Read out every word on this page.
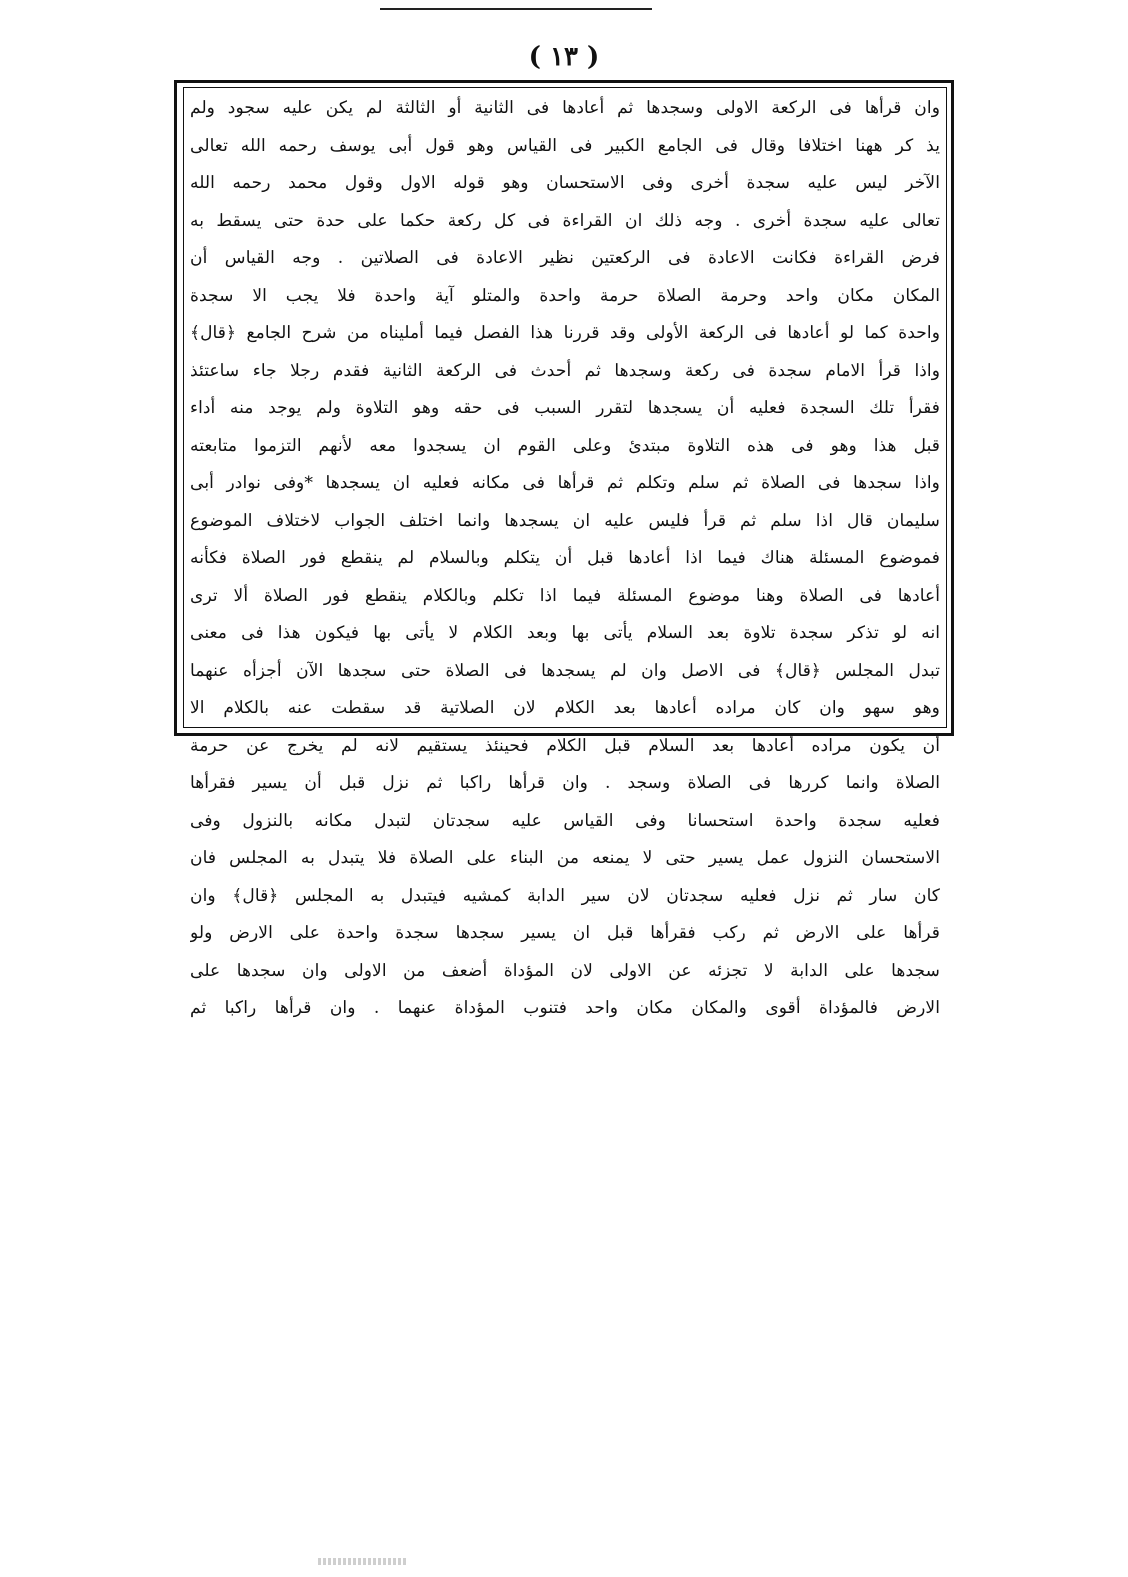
( ١٣ )
وان قرأها فى الركعة الاولى وسجدها ثم أعادها فى الثانية أو الثالثة لم يكن عليه سجود ولم
يذ كر ههنا اختلافا وقال فى الجامع الكبير فى القياس وهو قول أبى يوسف رحمه الله تعالى
الآخر ليس عليه سجدة أخرى وفى الاستحسان وهو قوله الاول وقول محمد رحمه الله
تعالى عليه سجدة أخرى . وجه ذلك ان القراءة فى كل ركعة حكما على حدة حتى يسقط به
فرض القراءة فكانت الاعادة فى الركعتين نظير الاعادة فى الصلاتين . وجه القياس أن
المكان مكان واحد وحرمة الصلاة حرمة واحدة والمتلو آية واحدة فلا يجب الا سجدة
واحدة كما لو أعادها فى الركعة الأولى وقد قررنا هذا الفصل فيما أمليناه من شرح الجامع ﴿قال﴾
واذا قرأ الامام سجدة فى ركعة وسجدها ثم أحدث فى الركعة الثانية فقدم رجلا جاء ساعتئذ
فقرأ تلك السجدة فعليه أن يسجدها لتقرر السبب فى حقه وهو التلاوة ولم يوجد منه أداء
قبل هذا وهو فى هذه التلاوة مبتدئ وعلى القوم ان يسجدوا معه لأنهم التزموا متابعته
واذا سجدها فى الصلاة ثم سلم وتكلم ثم قرأها فى مكانه فعليه ان يسجدها *وفى نوادر أبى
سليمان قال اذا سلم ثم قرأ فليس عليه ان يسجدها وانما اختلف الجواب لاختلاف الموضوع
فموضوع المسئلة هناك فيما اذا أعادها قبل أن يتكلم وبالسلام لم ينقطع فور الصلاة فكأنه
أعادها فى الصلاة وهنا موضوع المسئلة فيما اذا تكلم وبالكلام ينقطع فور الصلاة ألا ترى
انه لو تذكر سجدة تلاوة بعد السلام يأتى بها وبعد الكلام لا يأتى بها فيكون هذا فى معنى
تبدل المجلس ﴿قال﴾ فى الاصل وان لم يسجدها فى الصلاة حتى سجدها الآن أجزأه عنهما
وهو سهو وان كان مراده أعادها بعد الكلام لان الصلاتية قد سقطت عنه بالكلام الا
أن يكون مراده أعادها بعد السلام قبل الكلام فحينئذ يستقيم لانه لم يخرج عن حرمة
الصلاة وانما كررها فى الصلاة وسجد . وان قرأها راكبا ثم نزل قبل أن يسير فقرأها
فعليه سجدة واحدة استحسانا وفى القياس عليه سجدتان لتبدل مكانه بالنزول وفى
الاستحسان النزول عمل يسير حتى لا يمنعه من البناء على الصلاة فلا يتبدل به المجلس فان
كان سار ثم نزل فعليه سجدتان لان سير الدابة كمشيه فيتبدل به المجلس ﴿قال﴾ وان
قرأها على الارض ثم ركب فقرأها قبل ان يسير سجدها سجدة واحدة على الارض ولو
سجدها على الدابة لا تجزئه عن الاولى لان المؤداة أضعف من الاولى وان سجدها على
الارض فالمؤداة أقوى والمكان مكان واحد فتنوب المؤداة عنهما . وان قرأها راكبا ثم
